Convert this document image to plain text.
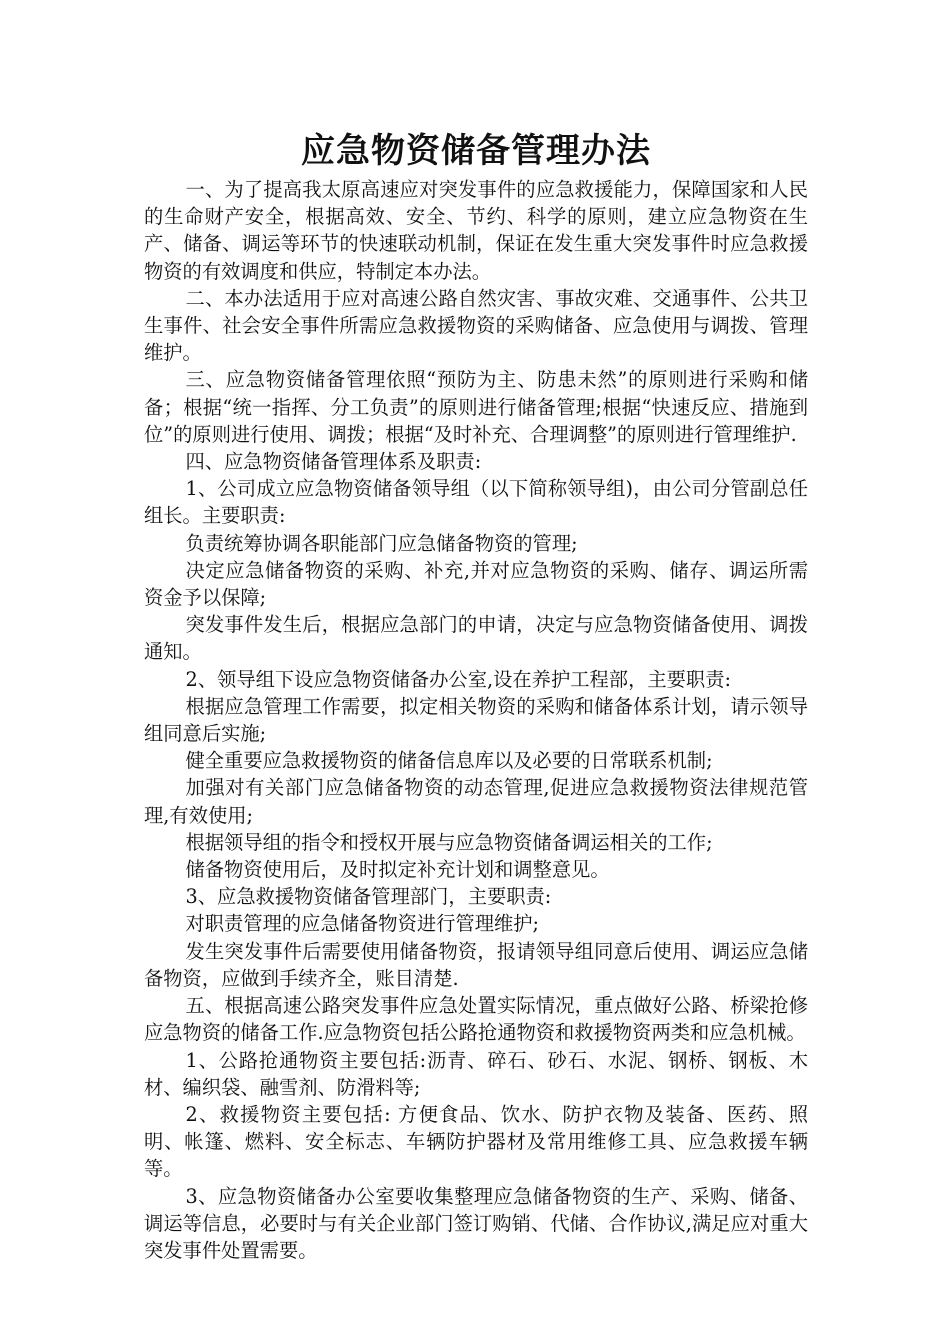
应急物资储备管理办法

一、为了提高我太原高速应对突发事件的应急救援能力，保障国家和人民的生命财产安全，根据高效、安全、节约、科学的原则，建立应急物资在生产、储备、调运等环节的快速联动机制，保证在发生重大突发事件时应急救援物资的有效调度和供应，特制定本办法。

二、本办法适用于应对高速公路自然灾害、事故灾难、交通事件、公共卫生事件、社会安全事件所需应急救援物资的采购储备、应急使用与调拨、管理维护。

三、应急物资储备管理依照“预防为主、防患未然”的原则进行采购和储备；根据“统一指挥、分工负责”的原则进行储备管理;根据“快速反应、措施到位”的原则进行使用、调拨；根据“及时补充、合理调整”的原则进行管理维护.

四、应急物资储备管理体系及职责:

1、公司成立应急物资储备领导组（以下简称领导组)，由公司分管副总任组长。主要职责:

负责统筹协调各职能部门应急储备物资的管理;

决定应急储备物资的采购、补充,并对应急物资的采购、储存、调运所需资金予以保障;

突发事件发生后，根据应急部门的申请，决定与应急物资储备使用、调拨通知。

2、领导组下设应急物资储备办公室,设在养护工程部，主要职责:

根据应急管理工作需要，拟定相关物资的采购和储备体系计划，请示领导组同意后实施;

健全重要应急救援物资的储备信息库以及必要的日常联系机制;

加强对有关部门应急储备物资的动态管理,促进应急救援物资法律规范管理,有效使用;

根据领导组的指令和授权开展与应急物资储备调运相关的工作;

储备物资使用后，及时拟定补充计划和调整意见。

3、应急救援物资储备管理部门，主要职责:

对职责管理的应急储备物资进行管理维护;

发生突发事件后需要使用储备物资，报请领导组同意后使用、调运应急储备物资，应做到手续齐全，账目清楚.

五、根据高速公路突发事件应急处置实际情况，重点做好公路、桥梁抢修应急物资的储备工作.应急物资包括公路抢通物资和救援物资两类和应急机械。

1、公路抢通物资主要包括:沥青、碎石、砂石、水泥、钢桥、钢板、木材、编织袋、融雪剂、防滑料等;

2、救援物资主要包括: 方便食品、饮水、防护衣物及装备、医药、照明、帐篷、燃料、安全标志、车辆防护器材及常用维修工具、应急救援车辆等。

3、应急物资储备办公室要收集整理应急储备物资的生产、采购、储备、调运等信息，必要时与有关企业部门签订购销、代储、合作协议,满足应对重大突发事件处置需要。
